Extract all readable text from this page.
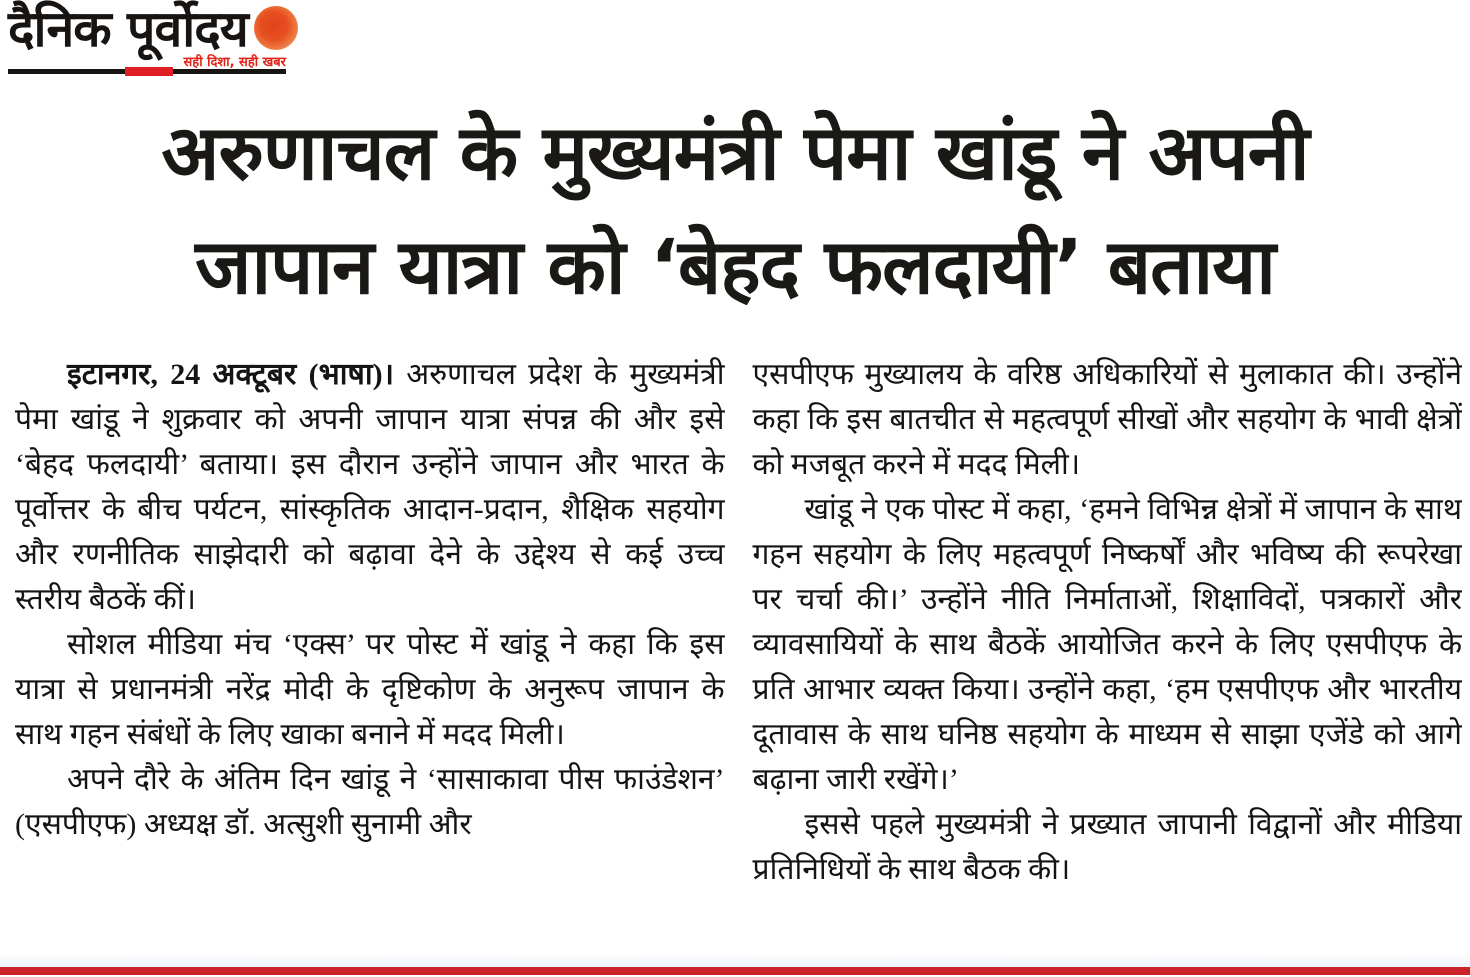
दैनिक पूर्वोदय
सही दिशा, सही खबर
अरुणाचल के मुख्यमंत्री पेमा खांडू ने अपनी
जापान यात्रा को ‘बेहद फलदायी’ बताया

इटानगर, 24 अक्टूबर (भाषा)। अरुणाचल प्रदेश के मुख्यमंत्री पेमा खांडू ने शुक्रवार को अपनी जापान यात्रा संपन्न की और इसे ‘बेहद फलदायी’ बताया। इस दौरान उन्होंने जापान और भारत के पूर्वोत्तर के बीच पर्यटन, सांस्कृतिक आदान-प्रदान, शैक्षिक सहयोग और रणनीतिक साझेदारी को बढ़ावा देने के उद्देश्य से कई उच्च स्तरीय बैठकें कीं।

सोशल मीडिया मंच ‘एक्स’ पर पोस्ट में खांडू ने कहा कि इस यात्रा से प्रधानमंत्री नरेंद्र मोदी के दृष्टिकोण के अनुरूप जापान के साथ गहन संबंधों के लिए खाका बनाने में मदद मिली।

अपने दौरे के अंतिम दिन खांडू ने ‘सासाकावा पीस फाउंडेशन’ (एसपीएफ) अध्यक्ष डॉ. अत्सुशी सुनामी और

एसपीएफ मुख्यालय के वरिष्ठ अधिकारियों से मुलाकात की। उन्होंने कहा कि इस बातचीत से महत्वपूर्ण सीखों और सहयोग के भावी क्षेत्रों को मजबूत करने में मदद मिली।

खांडू ने एक पोस्ट में कहा, ‘हमने विभिन्न क्षेत्रों में जापान के साथ गहन सहयोग के लिए महत्वपूर्ण निष्कर्षों और भविष्य की रूपरेखा पर चर्चा की।’ उन्होंने नीति निर्माताओं, शिक्षाविदों, पत्रकारों और व्यावसायियों के साथ बैठकें आयोजित करने के लिए एसपीएफ के प्रति आभार व्यक्त किया। उन्होंने कहा, ‘हम एसपीएफ और भारतीय दूतावास के साथ घनिष्ठ सहयोग के माध्यम से साझा एजेंडे को आगे बढ़ाना जारी रखेंगे।’

इससे पहले मुख्यमंत्री ने प्रख्यात जापानी विद्वानों और मीडिया प्रतिनिधियों के साथ बैठक की।
